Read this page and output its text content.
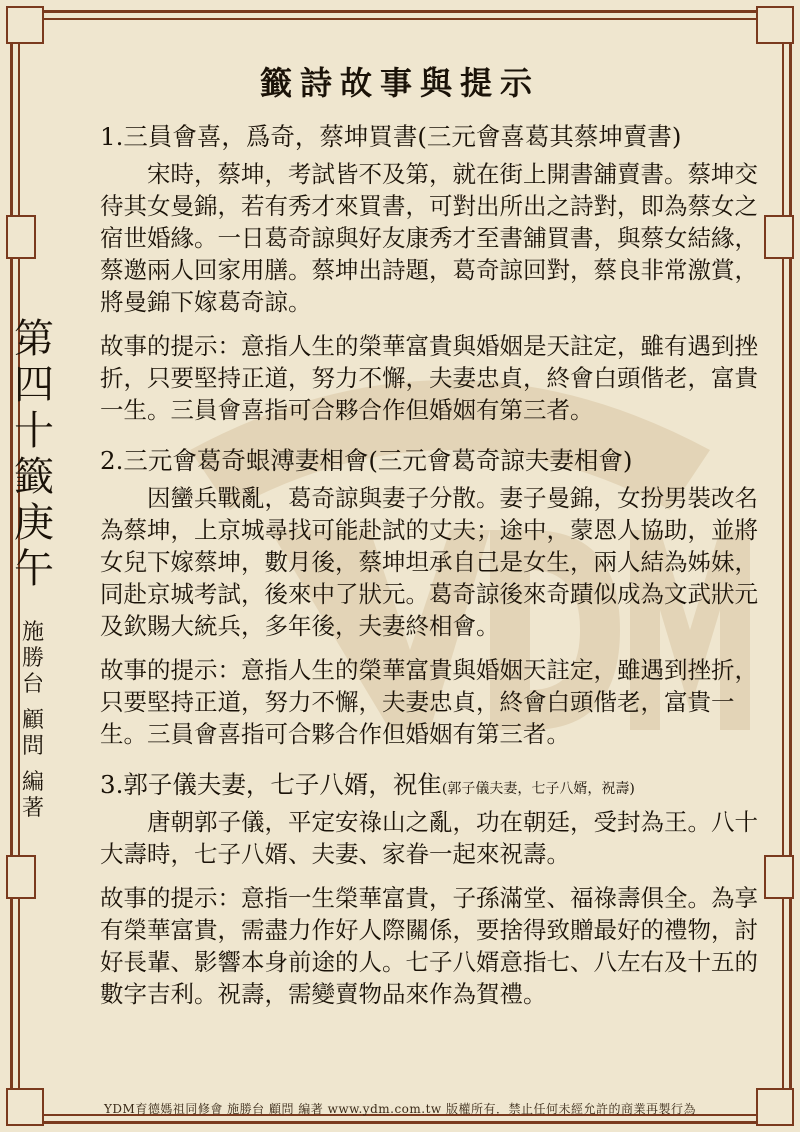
籤詩故事與提示
第
四
十
籤
庚
午
施
勝
台
顧
問
編
著

1.三員會喜，爲奇，蔡坤買書(三元會喜葛其蔡坤賣書)

宋時，蔡坤，考試皆不及第，就在街上開書舖賣書。蔡坤交待其女曼錦，若有秀才來買書，可對出所出之詩對，即為蔡女之宿世婚緣。一日葛奇諒與好友康秀才至書舖買書，與蔡女結緣，蔡邀兩人回家用膳。蔡坤出詩題，葛奇諒回對，蔡良非常激賞，將曼錦下嫁葛奇諒。

故事的提示：意指人生的榮華富貴與婚姻是天註定，雖有遇到挫折，只要堅持正道，努力不懈，夫妻忠貞，終會白頭偕老，富貴一生。三員會喜指可合夥合作但婚姻有第三者。

2.三元會葛奇蛝溥妻相會(三元會葛奇諒夫妻相會)

因蠻兵戰亂，葛奇諒與妻子分散。妻子曼錦，女扮男裝改名為蔡坤，上京城尋找可能赴試的丈夫；途中，蒙恩人協助，並將女兒下嫁蔡坤，數月後，蔡坤坦承自己是女生，兩人結為姊妹，同赴京城考試，後來中了狀元。葛奇諒後來奇蹟似成為文武狀元及欽賜大統兵，多年後，夫妻終相會。

故事的提示：意指人生的榮華富貴與婚姻天註定，雖遇到挫折，只要堅持正道，努力不懈，夫妻忠貞，終會白頭偕老，富貴一生。三員會喜指可合夥合作但婚姻有第三者。

3.郭子儀夫妻，七子八婿，祝隹(郭子儀夫妻，七子八婿，祝壽)

唐朝郭子儀，平定安祿山之亂，功在朝廷，受封為王。八十大壽時，七子八婿、夫妻、家眷一起來祝壽。

故事的提示：意指一生榮華富貴，子孫滿堂、福祿壽俱全。為享有榮華富貴，需盡力作好人際關係，要捨得致贈最好的禮物，討好長輩、影響本身前途的人。七子八婿意指七、八左右及十五的數字吉利。祝壽，需變賣物品來作為賀禮。

YDM育德媽祖同修會 施勝台 顧問 編著 www.ydm.com.tw 版權所有．禁止任何未經允許的商業再製行為
